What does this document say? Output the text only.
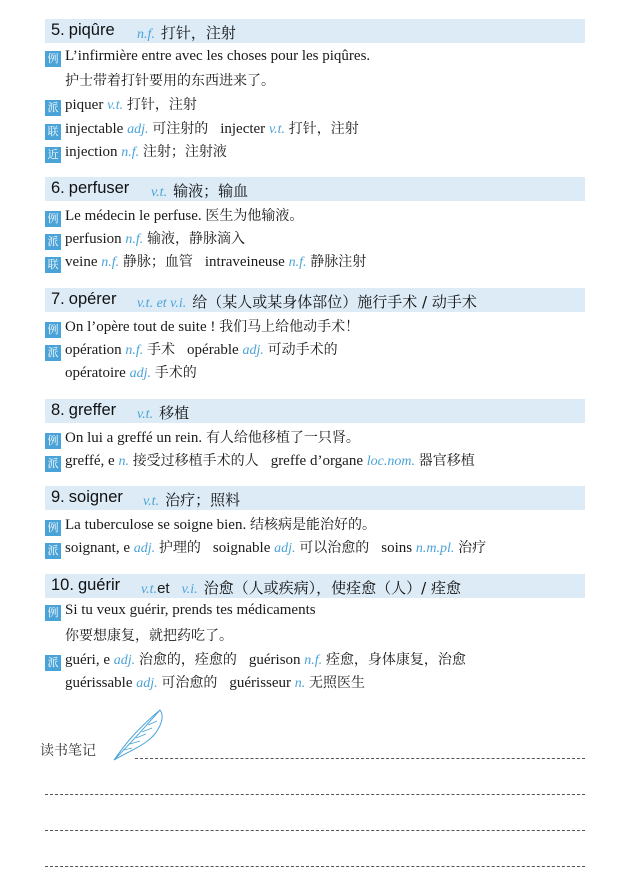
5. piqûre	n.f. 打针，注射
例 L’infirmière entre avec les choses pour les piqûres.
护士带着打针要用的东西进来了。
派 piquer v.t. 打针，注射
联 injectable adj. 可注射的 injecter v.t. 打针，注射
近 injection n.f. 注射；注射液
6. perfuser	v.t. 输液；输血
例 Le médecin le perfuse. 医生为他输液。
派 perfusion n.f. 输液，静脉滴入
联 veine n.f. 静脉；血管 intraveineuse n.f. 静脉注射
7. opérer	v.t. et v.i. 给（某人或某身体部位）施行手术 / 动手术
例 On l’opère tout de suite ! 我们马上给他动手术！
派 opération n.f. 手术 opérable adj. 可动手术的
opératoire adj. 手术的
8. greffer	v.t. 移植
例 On lui a greffé un rein. 有人给他移植了一只肾。
派 greffé, e n. 接受过移植手术的人 greffe d’organe loc.nom. 器官移植
9. soigner	v.t. 治疗；照料
例 La tuberculose se soigne bien. 结核病是能治好的。
派 soignant, e adj. 护理的 soignable adj. 可以治愈的 soins n.m.pl. 治疗
10. guérir	v.t.et v.i. 治愈（人或疾病），使痊愈（人）/ 痊愈
例 Si tu veux guérir, prends tes médicaments
你要想康复，就把药吃了。
派 guéri, e adj. 治愈的，痊愈的 guérison n.f. 痊愈，身体康复，治愈
guérissable adj. 可治愈的 guérisseur n. 无照医生
读书笔记
